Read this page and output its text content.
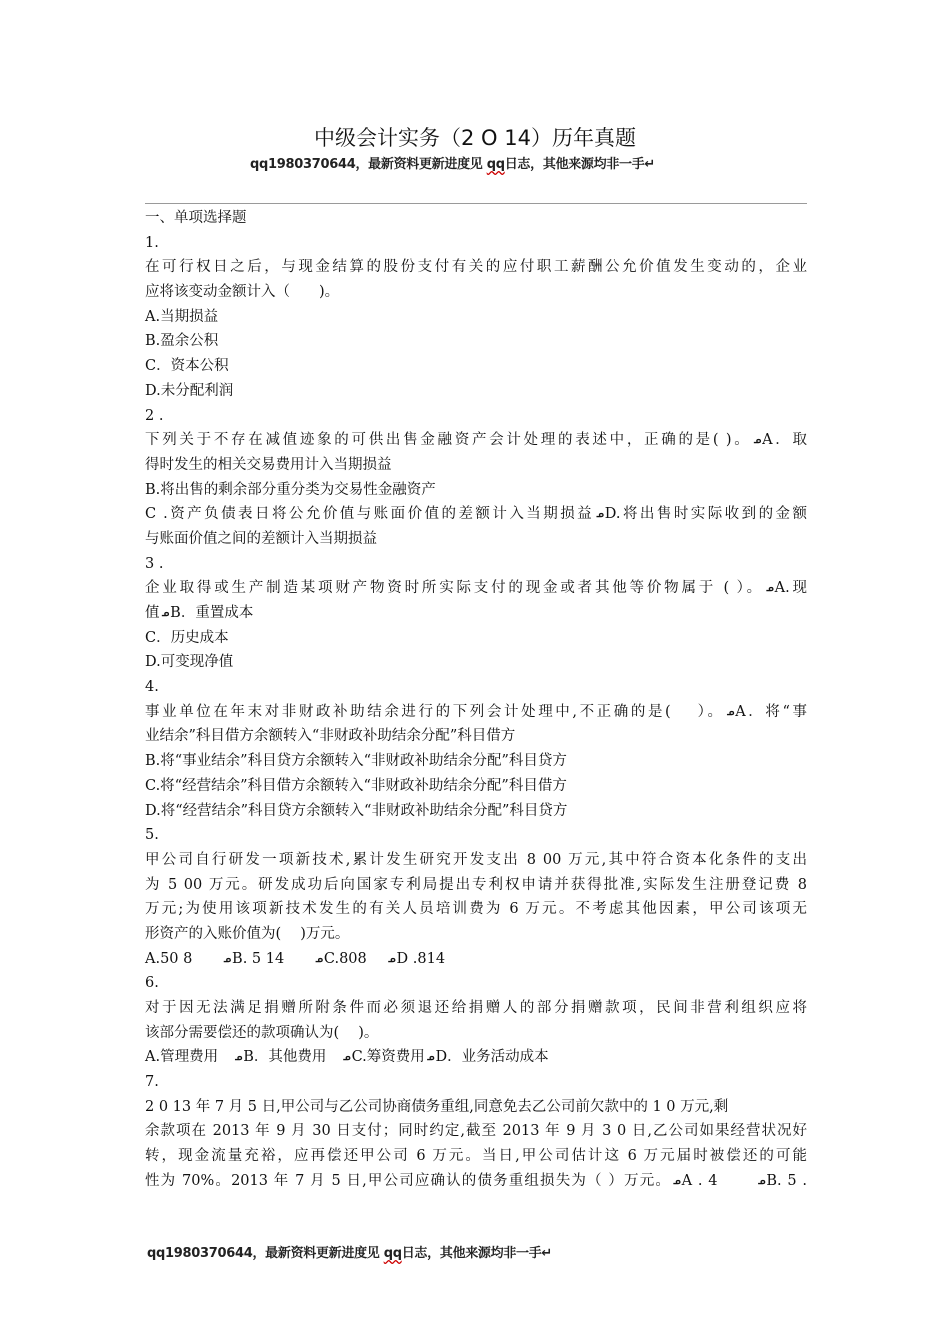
中级会计实务（2 O 14）历年真题
qq1980370644，最新资料更新进度见 qq日志，其他来源均非一手↵
一、单项选择题
1.
在可行权日之后，与现金结算的股份支付有关的应付职工薪酬公允价值发生变动的，企业
应将该变动金额计入（　　)。
A.当期损益
B.盈余公积
C．资本公积
D.未分配利润
2 .
下列关于不存在减值迹象的可供出售金融资产会计处理的表述中，正确的是( )。 ᓄA．取
得时发生的相关交易费用计入当期损益
B.将出售的剩余部分重分类为交易性金融资产
C .资产负债表日将公允价值与账面价值的差额计入当期损益 ᓄD.将出售时实际收到的金额
与账面价值之间的差额计入当期损益
3 .
企业取得或生产制造某项财产物资时所实际支付的现金或者其他等价物属于 ( ）。 ᓄA.现
值ᓄB．重置成本
C．历史成本
D.可变现净值
4.
事业单位在年末对非财政补助结余进行的下列会计处理中,不正确的是(　 ）。 ᓄA．将“事
业结余”科目借方余额转入“非财政补助结余分配”科目借方
B.将“事业结余”科目贷方余额转入“非财政补助结余分配”科目贷方
C.将“经营结余”科目借方余额转入“非财政补助结余分配”科目借方
D.将“经营结余”科目贷方余额转入“非财政补助结余分配”科目贷方
5.
甲公司自行研发一项新技术,累计发生研究开发支出 8 00 万元,其中符合资本化条件的支出
为 5 00 万元。研发成功后向国家专利局提出专利权申请并获得批准,实际发生注册登记费 8
万元;为使用该项新技术发生的有关人员培训费为 6 万元。不考虑其他因素，甲公司该项无
形资产的入账价值为(　 )万元。
A.50 8　　ᓄB. 5 14　　ᓄC.808　 ᓄD .814
6.
对于因无法满足捐赠所附条件而必须退还给捐赠人的部分捐赠款项，民间非营利组织应将
该部分需要偿还的款项确认为(　 )。
A.管理费用　ᓄB．其他费用　ᓄC.筹资费用 ᓄD．业务活动成本
7.
2 0 13 年 7 月 5 日,甲公司与乙公司协商债务重组,同意免去乙公司前欠款中的 1 0 万元,剩
余款项在 2013 年 9 月 30 日支付；同时约定,截至 2013 年 9 月 3 0 日,乙公司如果经营状况好
转，现金流量充裕，应再偿还甲公司 6 万元。当日,甲公司估计这 6 万元届时被偿还的可能
性为 70%。2013 年 7 月 5 日,甲公司应确认的债务重组损失为（ ）万元。 ᓄA . 4　　 ᓄB. 5 .
qq1980370644，最新资料更新进度见 qq日志，其他来源均非一手↵
